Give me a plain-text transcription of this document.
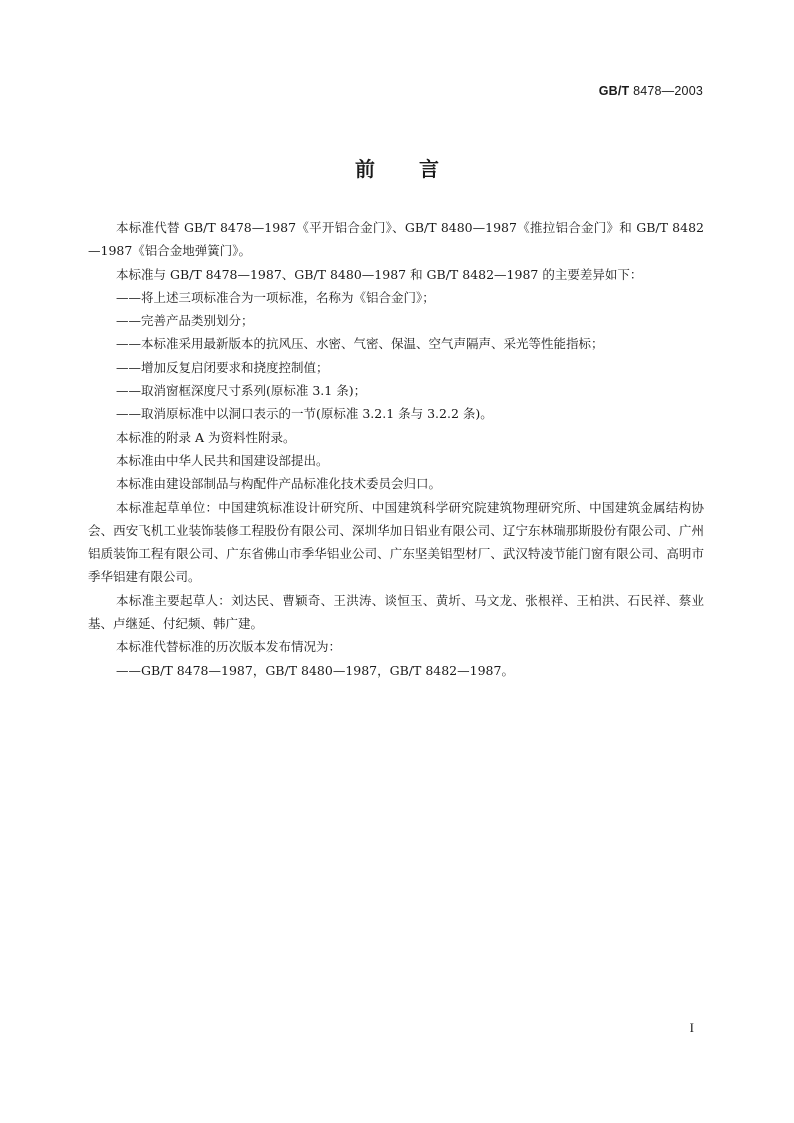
GB/T 8478—2003
前言

本标准代替 GB/T 8478—1987《平开铝合金门》、GB/T 8480—1987《推拉铝合金门》和 GB/T 8482—1987《铝合金地弹簧门》。

本标准与 GB/T 8478—1987、GB/T 8480—1987 和 GB/T 8482—1987 的主要差异如下：

——将上述三项标准合为一项标准，名称为《铝合金门》；

——完善产品类别划分；

——本标准采用最新版本的抗风压、水密、气密、保温、空气声隔声、采光等性能指标；

——增加反复启闭要求和挠度控制值；

——取消窗框深度尺寸系列(原标准 3.1 条)；

——取消原标准中以洞口表示的一节(原标准 3.2.1 条与 3.2.2 条)。

本标准的附录 A 为资料性附录。

本标准由中华人民共和国建设部提出。

本标准由建设部制品与构配件产品标准化技术委员会归口。

本标准起草单位：中国建筑标准设计研究所、中国建筑科学研究院建筑物理研究所、中国建筑金属结构协会、西安飞机工业装饰装修工程股份有限公司、深圳华加日铝业有限公司、辽宁东林瑞那斯股份有限公司、广州铝质装饰工程有限公司、广东省佛山市季华铝业公司、广东坚美铝型材厂、武汉特凌节能门窗有限公司、高明市季华铝建有限公司。

本标准主要起草人：刘达民、曹颖奇、王洪涛、谈恒玉、黄圻、马文龙、张根祥、王柏洪、石民祥、蔡业基、卢继延、付纪频、韩广建。

本标准代替标准的历次版本发布情况为：

——GB/T 8478—1987，GB/T 8480—1987，GB/T 8482—1987。

I
